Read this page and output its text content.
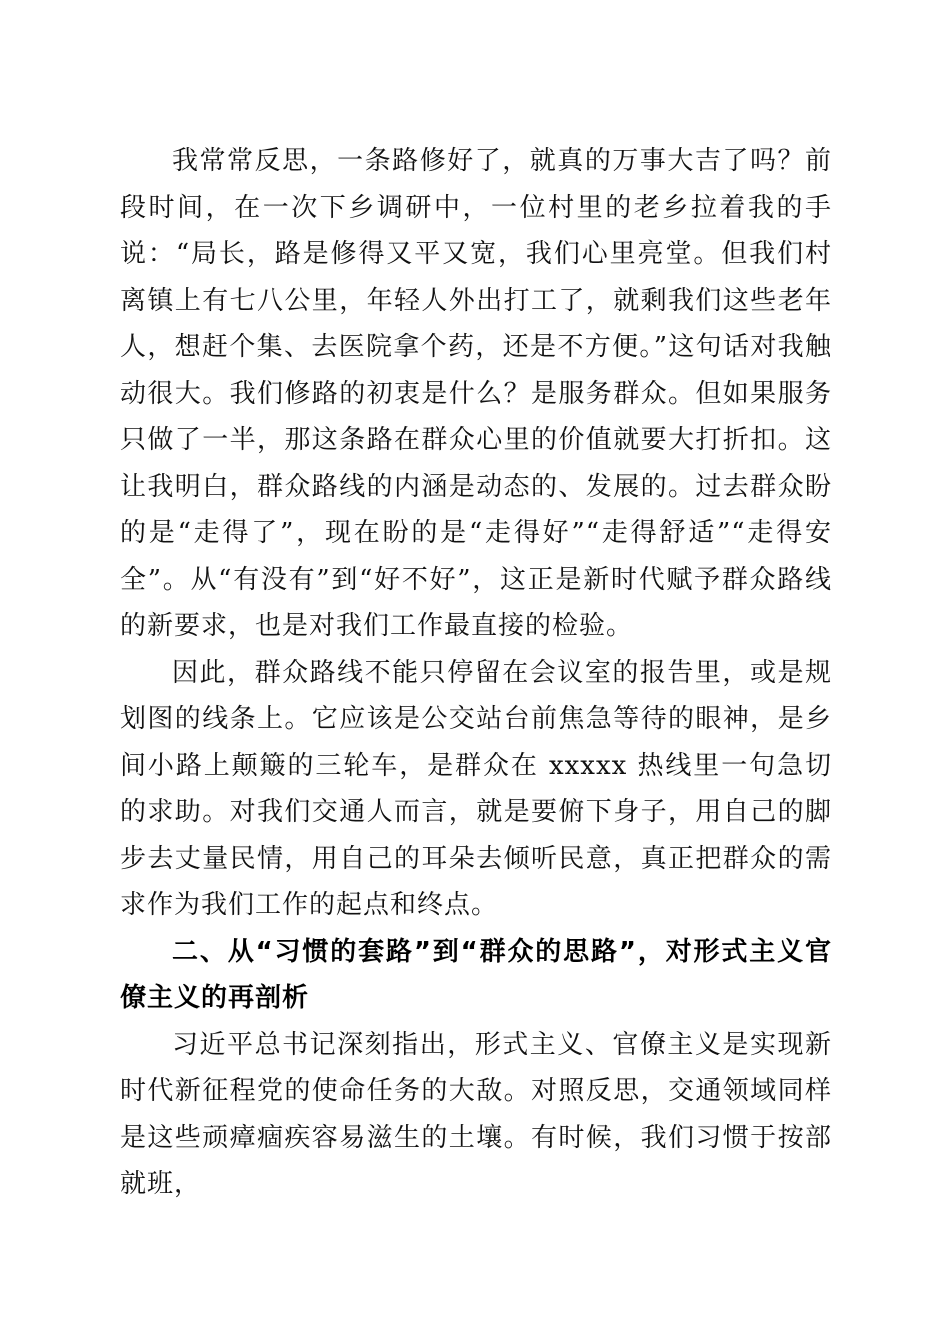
我常常反思，一条路修好了，就真的万事大吉了吗？前段时间，在一次下乡调研中，一位村里的老乡拉着我的手说：“局长，路是修得又平又宽，我们心里亮堂。但我们村离镇上有七八公里，年轻人外出打工了，就剩我们这些老年人，想赶个集、去医院拿个药，还是不方便。”这句话对我触动很大。我们修路的初衷是什么？是服务群众。但如果服务只做了一半，那这条路在群众心里的价值就要大打折扣。这让我明白，群众路线的内涵是动态的、发展的。过去群众盼的是“走得了”，现在盼的是“走得好”“走得舒适”“走得安全”。从“有没有”到“好不好”，这正是新时代赋予群众路线的新要求，也是对我们工作最直接的检验。

因此，群众路线不能只停留在会议室的报告里，或是规划图的线条上。它应该是公交站台前焦急等待的眼神，是乡间小路上颠簸的三轮车，是群众在 xxxxx 热线里一句急切的求助。对我们交通人而言，就是要俯下身子，用自己的脚步去丈量民情，用自己的耳朵去倾听民意，真正把群众的需求作为我们工作的起点和终点。

二、从“习惯的套路”到“群众的思路”，对形式主义官僚主义的再剖析

习近平总书记深刻指出，形式主义、官僚主义是实现新时代新征程党的使命任务的大敌。对照反思，交通领域同样是这些顽瘴痼疾容易滋生的土壤。有时候，我们习惯于按部就班，
